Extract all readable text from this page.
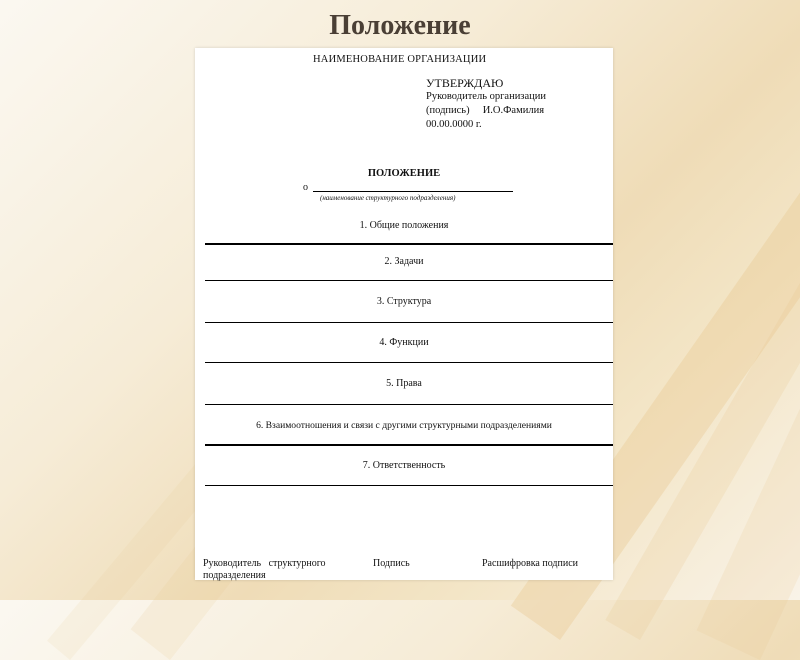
Положение
НАИМЕНОВАНИЕ ОРГАНИЗАЦИИ
УТВЕРЖДАЮ
Руководитель организации
(подпись)     И.О.Фамилия
00.00.0000 г.
ПОЛОЖЕНИЕ
о
(наименование структурного подразделения)
1. Общие положения
2. Задачи
3. Структура
4. Функции
5. Права
6. Взаимоотношения и связи с другими структурными подразделениями
7. Ответственность
Руководитель   структурного
подразделения
Подпись	Расшифровка подписи
